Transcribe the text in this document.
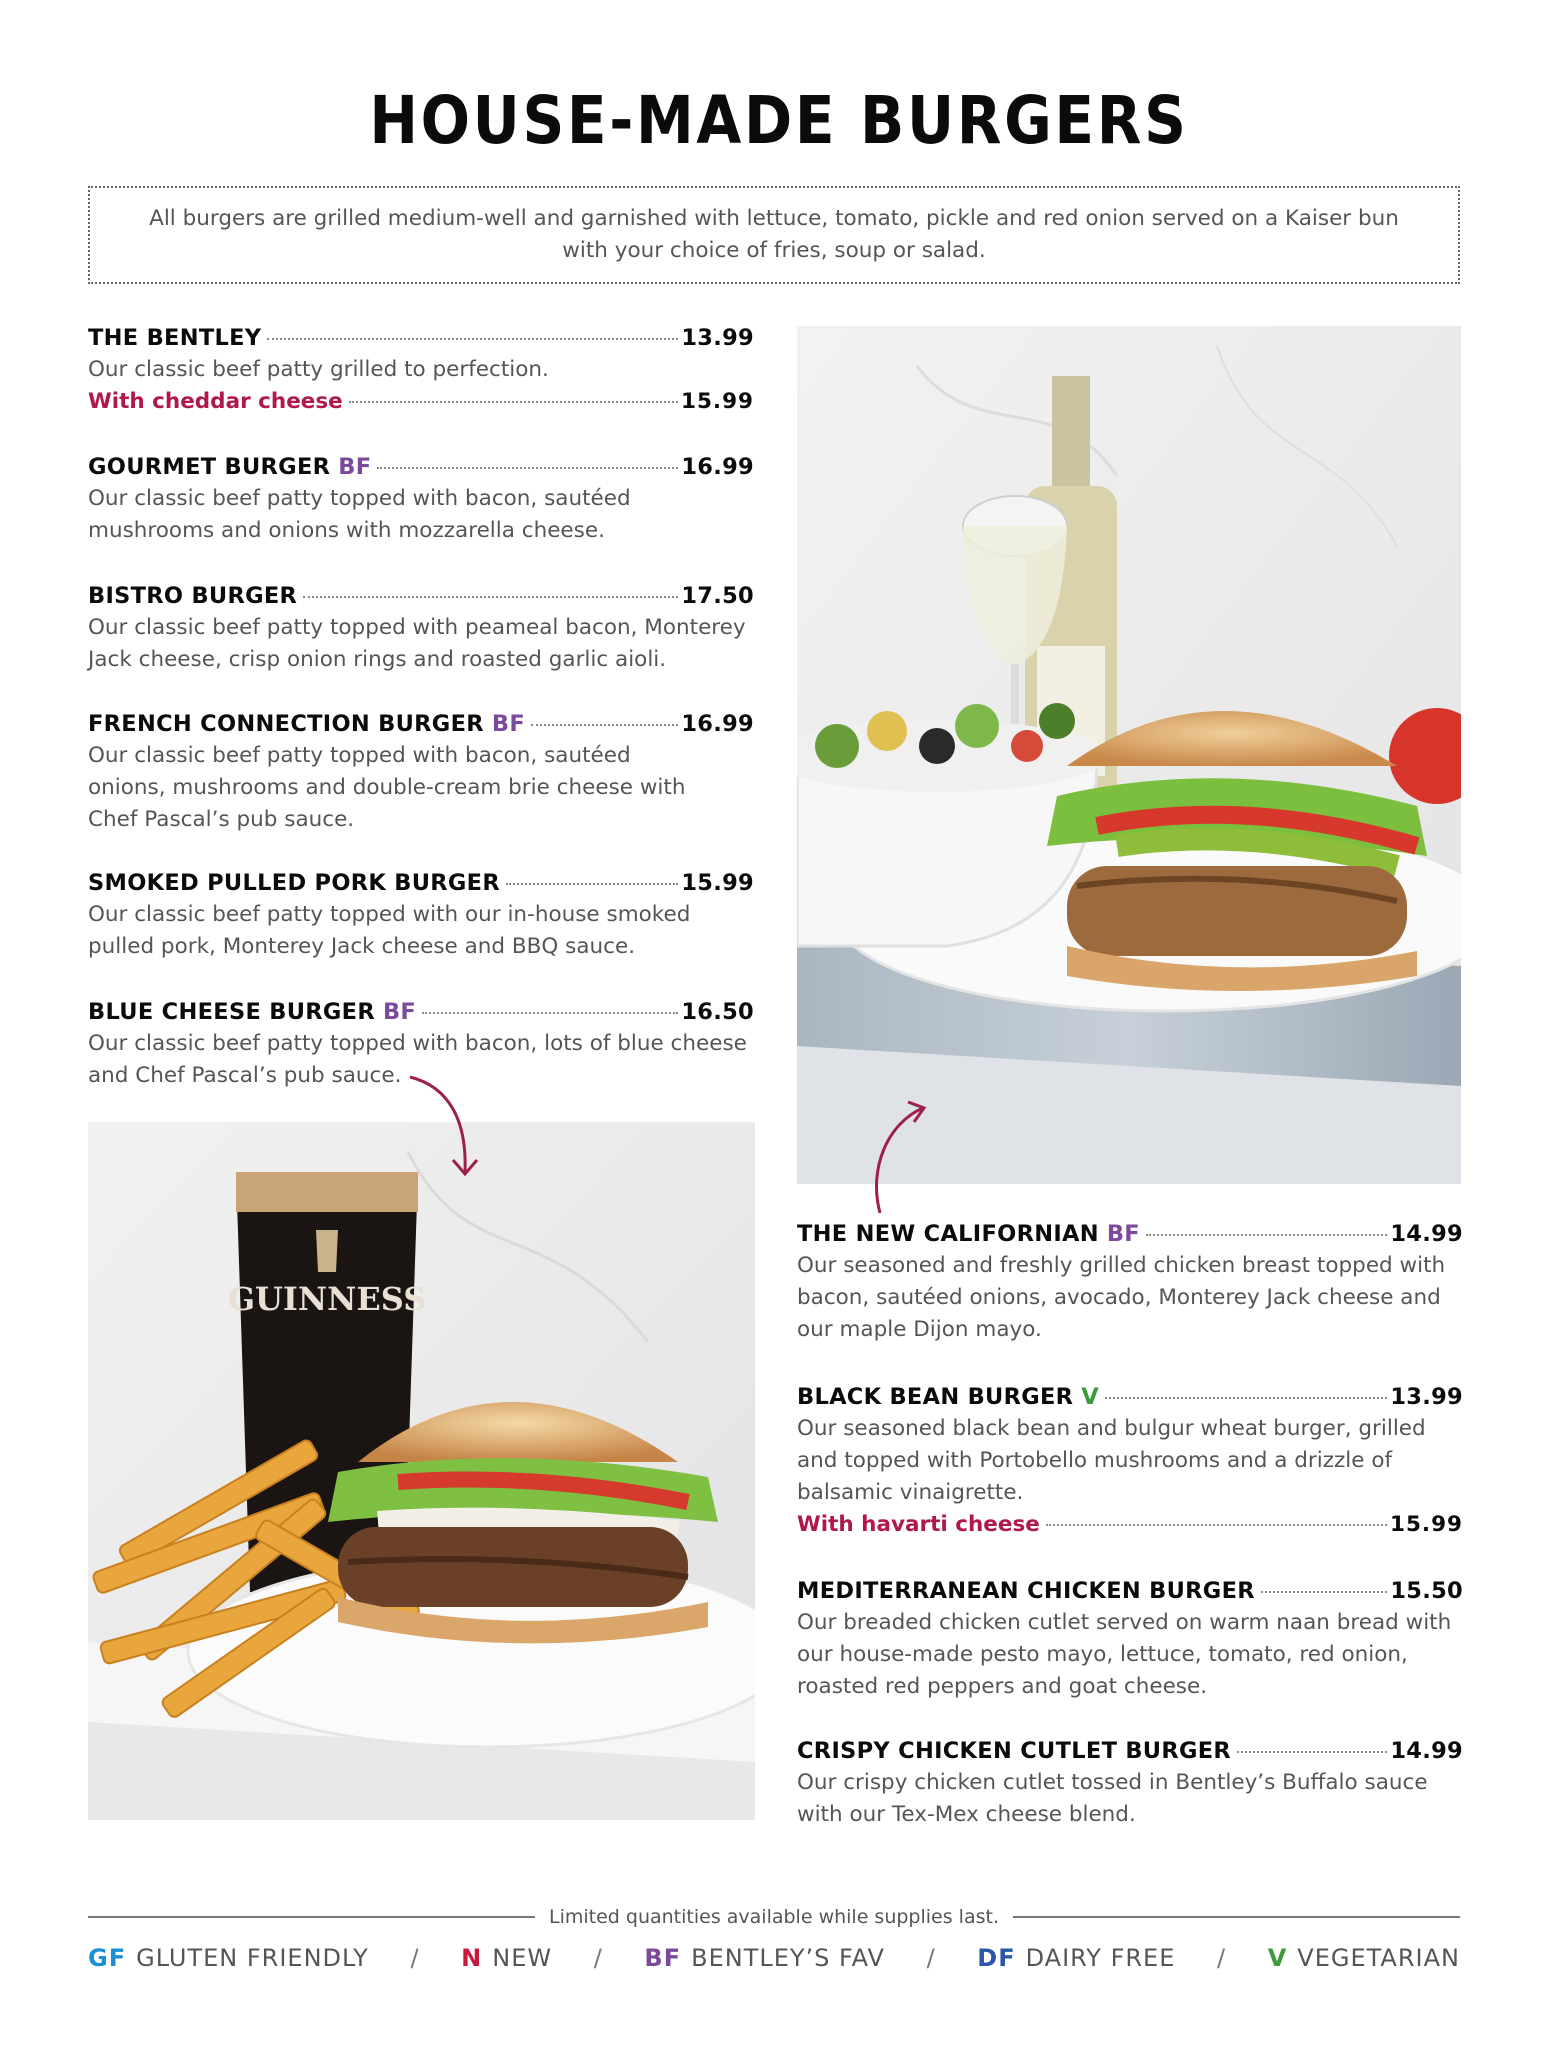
HOUSE-MADE BURGERS
All burgers are grilled medium-well and garnished with lettuce, tomato, pickle and red onion served on a Kaiser bun with your choice of fries, soup or salad.
THE BENTLEY	13.99
Our classic beef patty grilled to perfection.
With cheddar cheese	15.99
GOURMET BURGER BF	16.99
Our classic beef patty topped with bacon, sautéed mushrooms and onions with mozzarella cheese.
BISTRO BURGER	17.50
Our classic beef patty topped with peameal bacon, Monterey Jack cheese, crisp onion rings and roasted garlic aioli.
FRENCH CONNECTION BURGER BF	16.99
Our classic beef patty topped with bacon, sautéed onions, mushrooms and double-cream brie cheese with Chef Pascal’s pub sauce.
SMOKED PULLED PORK BURGER	15.99
Our classic beef patty topped with our in-house smoked pulled pork, Monterey Jack cheese and BBQ sauce.
BLUE CHEESE BURGER BF	16.50
Our classic beef patty topped with bacon, lots of blue cheese and Chef Pascal’s pub sauce.
THE NEW CALIFORNIAN BF	14.99
Our seasoned and freshly grilled chicken breast topped with bacon, sautéed onions, avocado, Monterey Jack cheese and our maple Dijon mayo.
BLACK BEAN BURGER V	13.99
Our seasoned black bean and bulgur wheat burger, grilled and topped with Portobello mushrooms and a drizzle of balsamic vinaigrette.
With havarti cheese	15.99
MEDITERRANEAN CHICKEN BURGER	15.50
Our breaded chicken cutlet served on warm naan bread with our house-made pesto mayo, lettuce, tomato, red onion, roasted red peppers and goat cheese.
CRISPY CHICKEN CUTLET BURGER	14.99
Our crispy chicken cutlet tossed in Bentley’s Buffalo sauce with our Tex-Mex cheese blend.
GUINNESS
Limited quantities available while supplies last.
GF GLUTEN FRIENDLY / N NEW / BF BENTLEY’S FAV / DF DAIRY FREE / V VEGETARIAN
